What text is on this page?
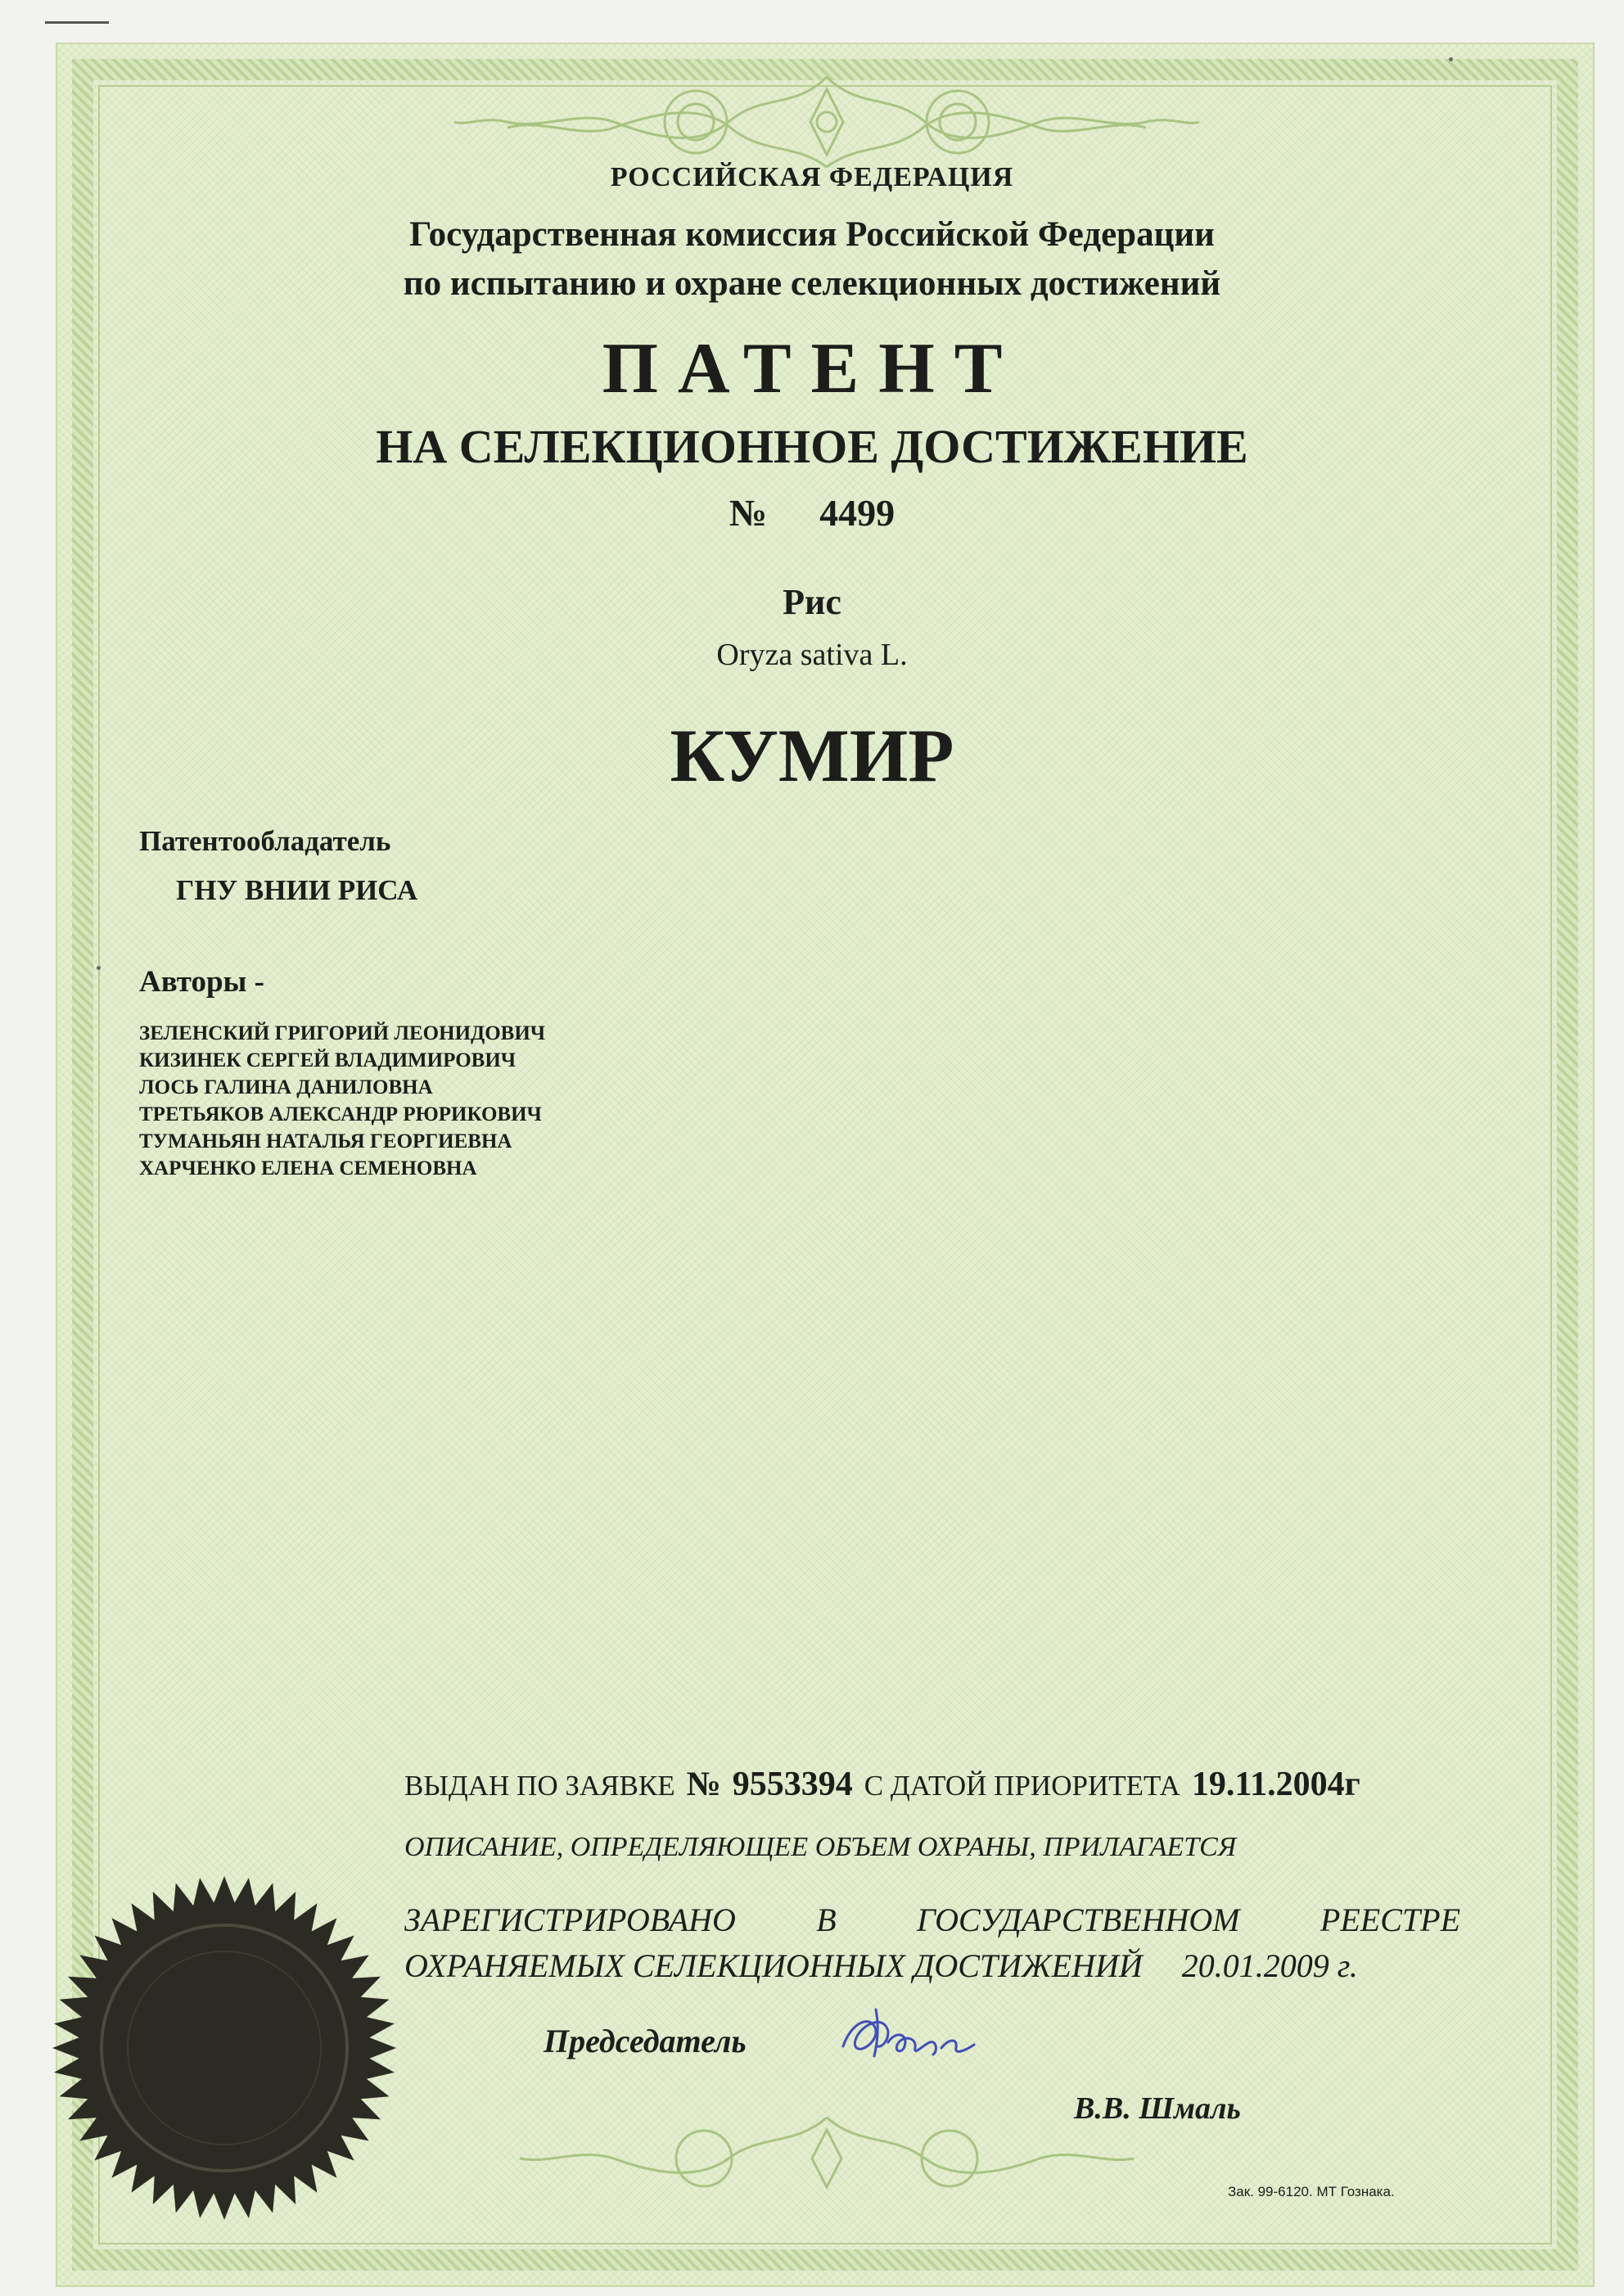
РОССИЙСКАЯ ФЕДЕРАЦИЯ
Государственная комиссия Российской Федерации
по испытанию и охране селекционных достижений
ПАТЕНТ
НА СЕЛЕКЦИОННОЕ ДОСТИЖЕНИЕ
№ 4499
Рис
Oryza sativa L.
КУМИР
Патентообладатель
ГНУ ВНИИ РИСА
Авторы -
ЗЕЛЕНСКИЙ ГРИГОРИЙ ЛЕОНИДОВИЧ
КИЗИНЕК СЕРГЕЙ ВЛАДИМИРОВИЧ
ЛОСЬ ГАЛИНА ДАНИЛОВНА
ТРЕТЬЯКОВ АЛЕКСАНДР РЮРИКОВИЧ
ТУМАНЬЯН НАТАЛЬЯ ГЕОРГИЕВНА
ХАРЧЕНКО ЕЛЕНА СЕМЕНОВНА
ВЫДАН ПО ЗАЯВКЕ № 9553394 С ДАТОЙ ПРИОРИТЕТА 19.11.2004г
ОПИСАНИЕ, ОПРЕДЕЛЯЮЩЕЕ ОБЪЕМ ОХРАНЫ, ПРИЛАГАЕТСЯ
ЗАРЕГИСТРИРОВАНО В ГОСУДАРСТВЕННОМ РЕЕСТРЕ
ОХРАНЯЕМЫХ СЕЛЕКЦИОННЫХ ДОСТИЖЕНИЙ 20.01.2009 г.
Председатель
В.В. Шмаль
Зак. 99-6120. МТ Гознака.
